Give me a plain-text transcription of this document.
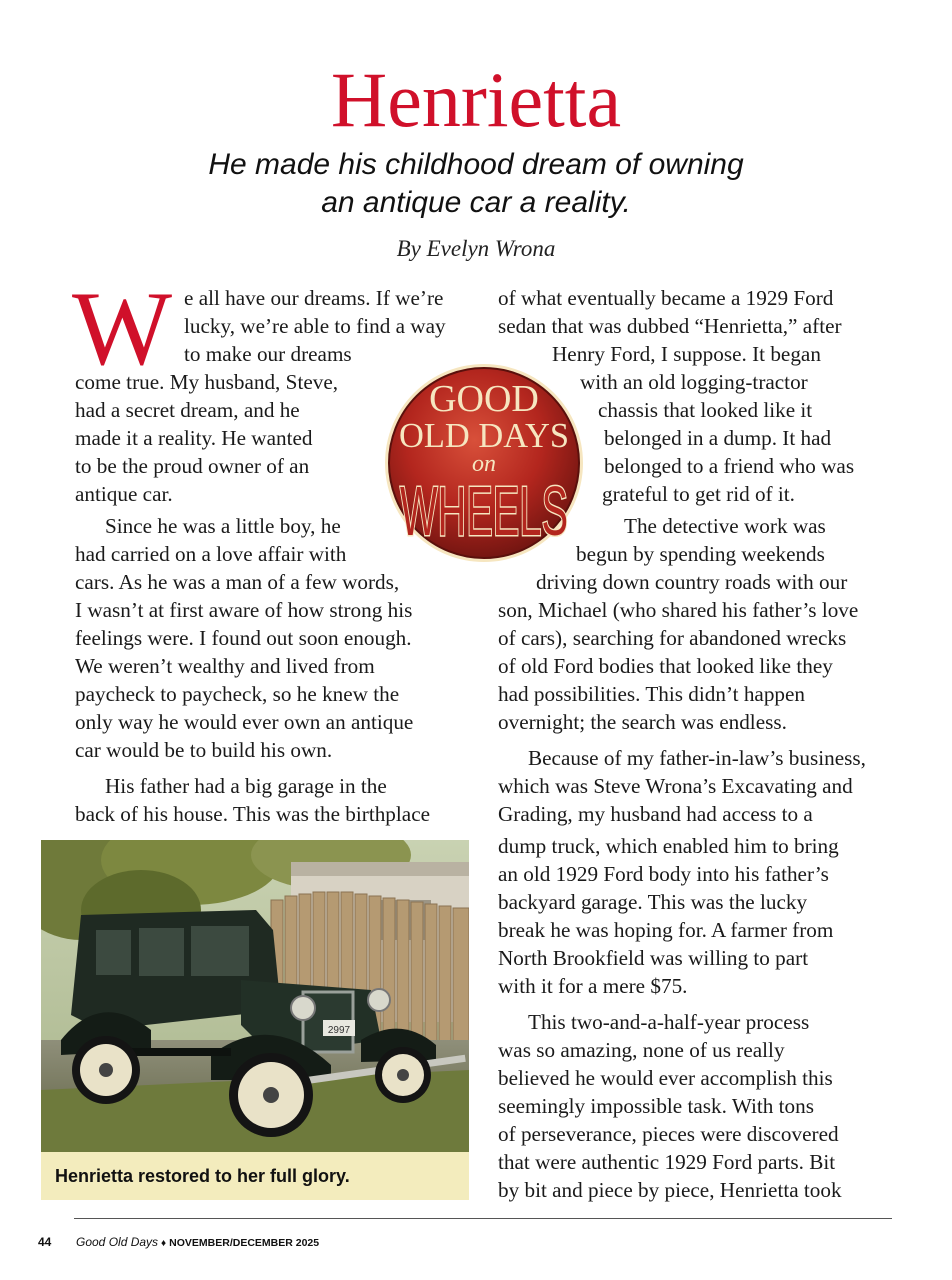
Henrietta
He made his childhood dream of owning
an antique car a reality.
By Evelyn Wrona
W e all have our dreams. If we’re
lucky, we’re able to find a way
to make our dreams
come true. My husband, Steve,
had a secret dream, and he
made it a reality. He wanted
to be the proud owner of an
antique car.
Since he was a little boy, he
had carried on a love affair with
cars. As he was a man of a few words,
I wasn’t at first aware of how strong his
feelings were. I found out soon enough.
We weren’t wealthy and lived from
paycheck to paycheck, so he knew the
only way he would ever own an antique
car would be to build his own.
His father had a big garage in the
back of his house. This was the birthplace
of what eventually became a 1929 Ford
sedan that was dubbed “Henrietta,” after
Henry Ford, I suppose. It began
with an old logging-tractor
chassis that looked like it
belonged in a dump. It had
belonged to a friend who was
grateful to get rid of it.
The detective work was
begun by spending weekends
driving down country roads with our
son, Michael (who shared his father’s love
of cars), searching for abandoned wrecks
of old Ford bodies that looked like they
had possibilities. This didn’t happen
overnight; the search was endless.
Because of my father-in-law’s business,
which was Steve Wrona’s Excavating and
Grading, my husband had access to a
dump truck, which enabled him to bring
an old 1929 Ford body into his father’s
backyard garage. This was the lucky
break he was hoping for. A farmer from
North Brookfield was willing to part
with it for a mere $75.
This two-and-a-half-year process
was so amazing, none of us really
believed he would ever accomplish this
seemingly impossible task. With tons
of perseverance, pieces were discovered
that were authentic 1929 Ford parts. Bit
by bit and piece by piece, Henrietta took
GOOD
OLD DAYS
on
WHEELS
2997
Henrietta restored to her full glory.
44 Good Old Days ♦ NOVEMBER/DECEMBER 2025
